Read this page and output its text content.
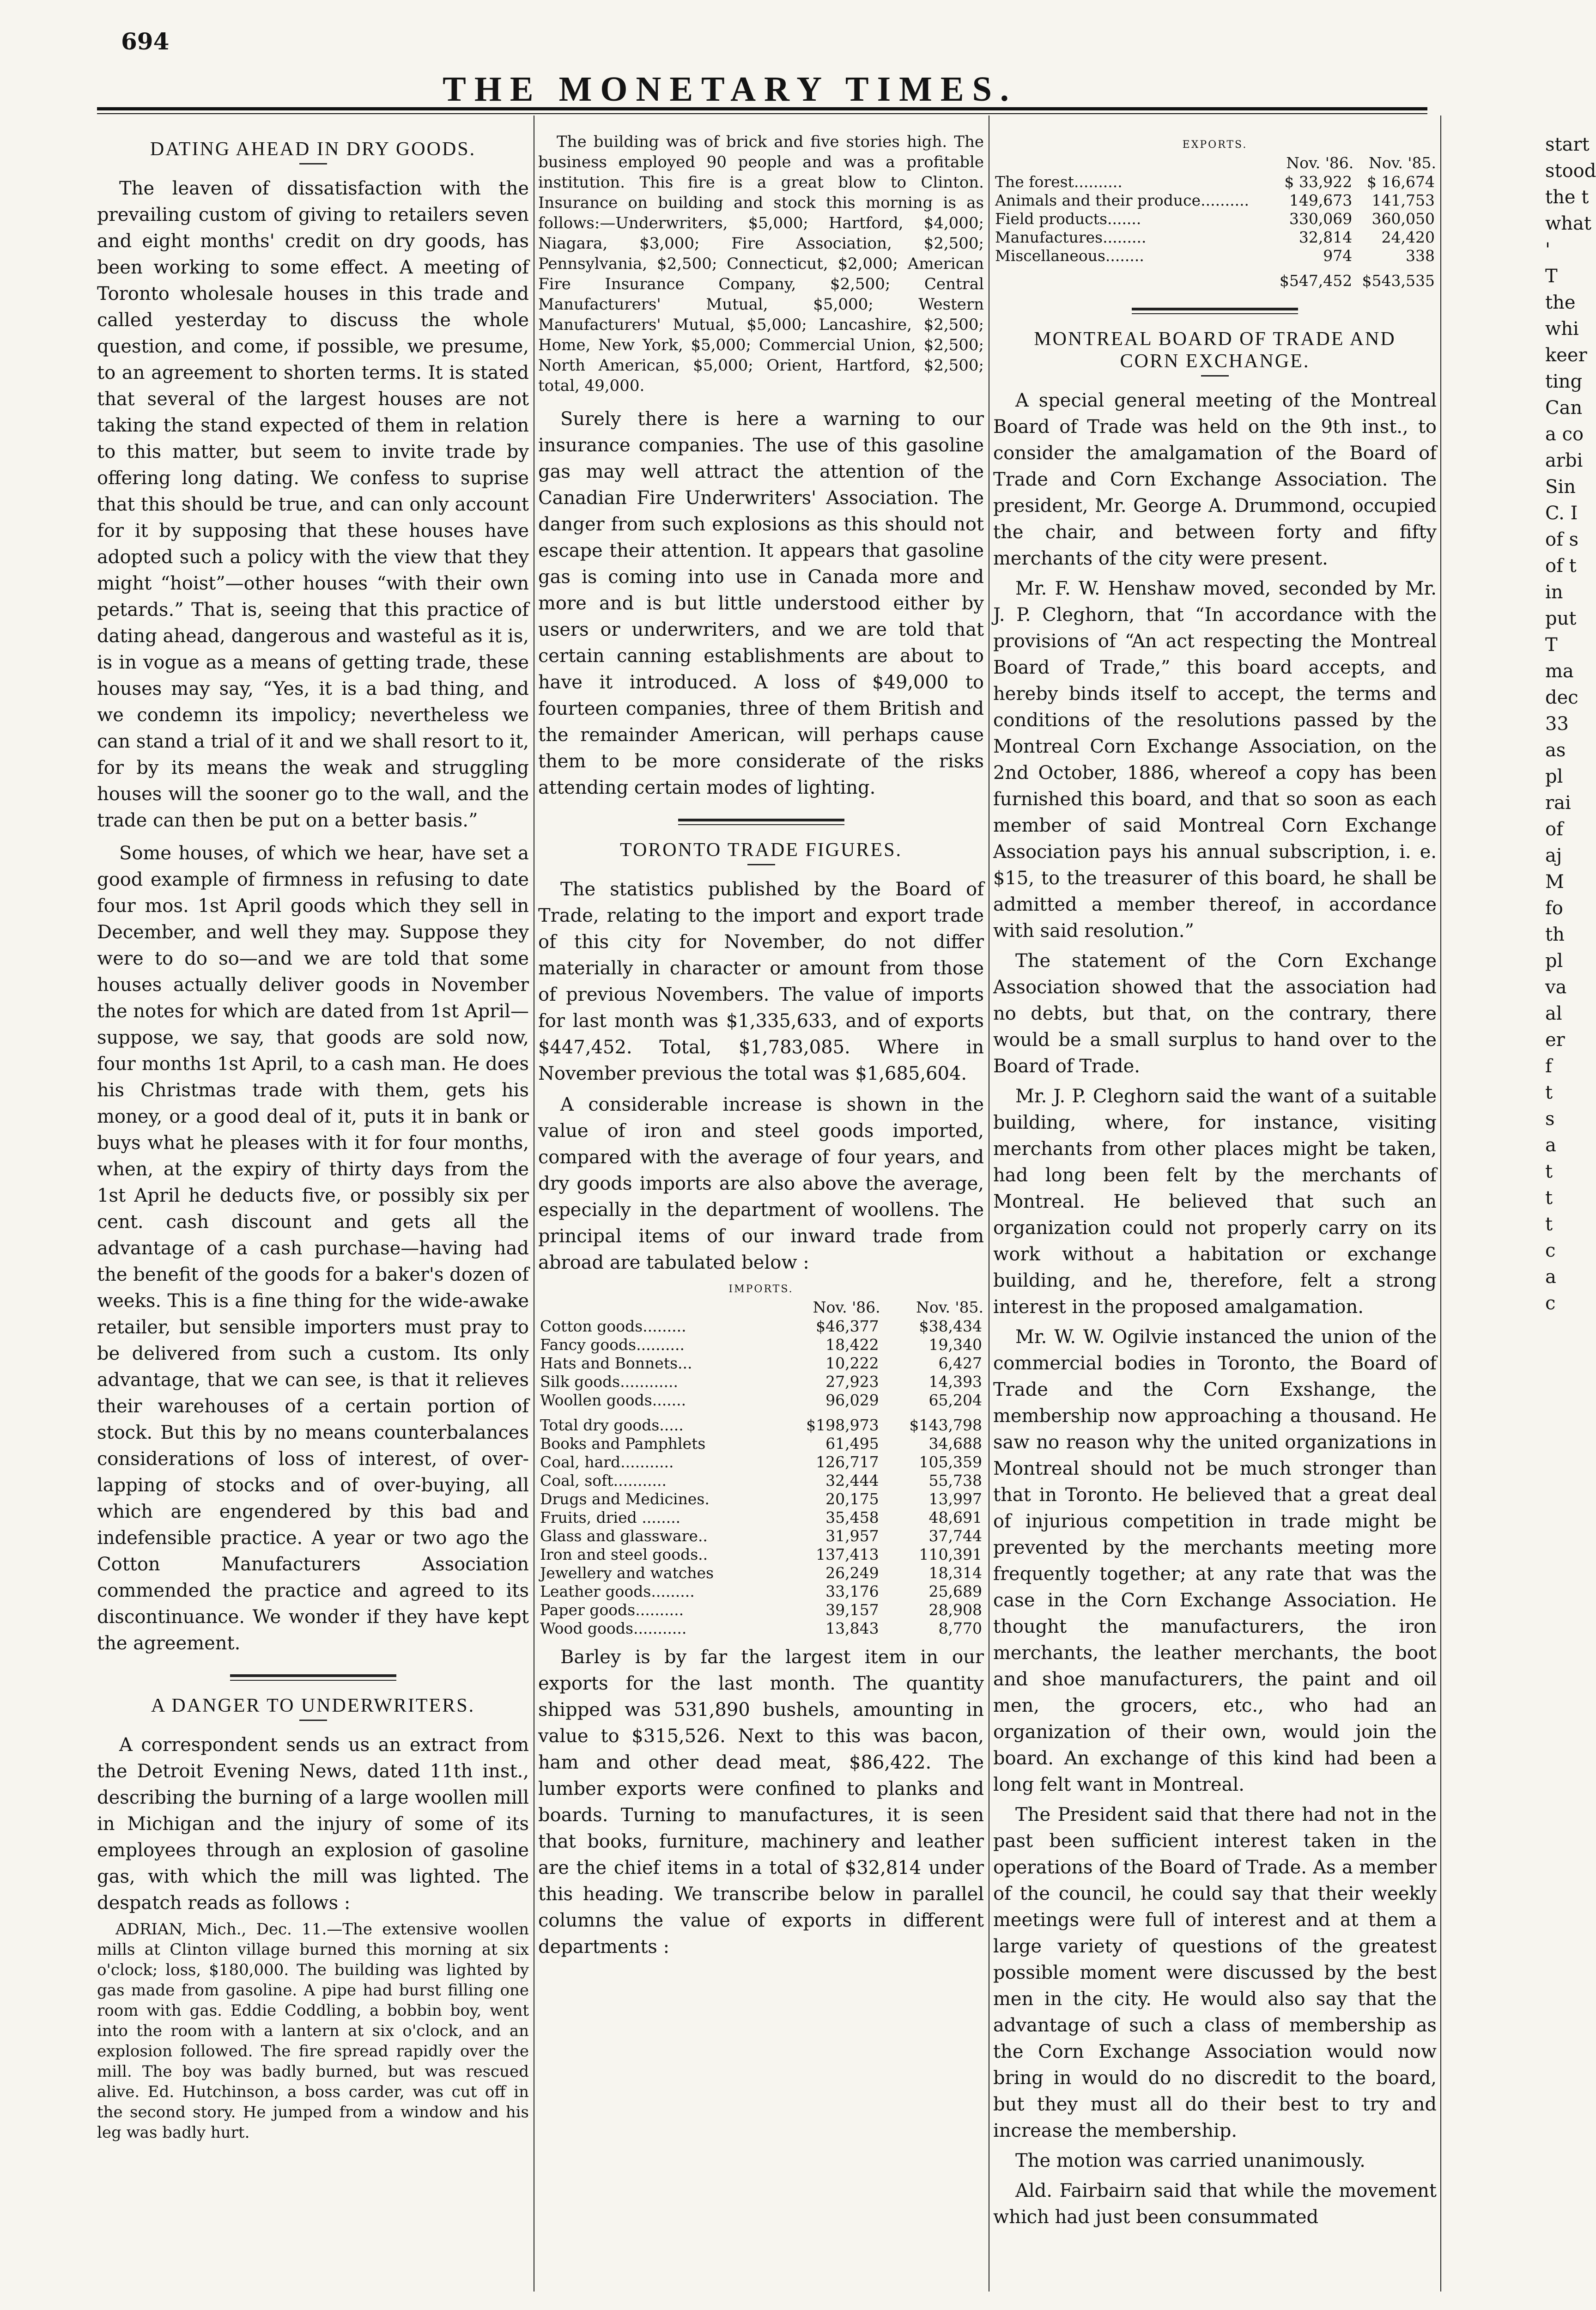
694
THE MONETARY TIMES.
DATING AHEAD IN DRY GOODS.

The leaven of dissatisfaction with the prevailing custom of giving to retailers seven and eight months' credit on dry goods, has been working to some effect. A meeting of Toronto wholesale houses in this trade and called yesterday to discuss the whole question, and come, if possible, we presume, to an agreement to shorten terms. It is stated that several of the largest houses are not taking the stand expected of them in relation to this matter, but seem to invite trade by offering long dating. We confess to suprise that this should be true, and can only account for it by supposing that these houses have adopted such a policy with the view that they might “hoist”—other houses “with their own petards.” That is, seeing that this practice of dating ahead, dangerous and wasteful as it is, is in vogue as a means of getting trade, these houses may say, “Yes, it is a bad thing, and we condemn its impolicy; nevertheless we can stand a trial of it and we shall resort to it, for by its means the weak and struggling houses will the sooner go to the wall, and the trade can then be put on a better basis.”

Some houses, of which we hear, have set a good example of firmness in refusing to date four mos. 1st April goods which they sell in December, and well they may. Suppose they were to do so—and we are told that some houses actually deliver goods in November the notes for which are dated from 1st April—suppose, we say, that goods are sold now, four months 1st April, to a cash man. He does his Christmas trade with them, gets his money, or a good deal of it, puts it in bank or buys what he pleases with it for four months, when, at the expiry of thirty days from the 1st April he deducts five, or possibly six per cent. cash discount and gets all the advantage of a cash purchase—having had the benefit of the goods for a baker's dozen of weeks. This is a fine thing for the wide-awake retailer, but sensible importers must pray to be delivered from such a custom. Its only advantage, that we can see, is that it relieves their warehouses of a certain portion of stock. But this by no means counterbalances considerations of loss of interest, of over-lapping of stocks and of over-buying, all which are engendered by this bad and indefensible practice. A year or two ago the Cotton Manufacturers Association commended the practice and agreed to its discontinuance. We wonder if they have kept the agreement.

A DANGER TO UNDERWRITERS.

A correspondent sends us an extract from the Detroit Evening News, dated 11th inst., describing the burning of a large woollen mill in Michigan and the injury of some of its employees through an explosion of gasoline gas, with which the mill was lighted. The despatch reads as follows :

ADRIAN, Mich., Dec. 11.—The extensive woollen mills at Clinton village burned this morning at six o'clock; loss, $180,000. The building was lighted by gas made from gasoline. A pipe had burst filling one room with gas. Eddie Coddling, a bobbin boy, went into the room with a lantern at six o'clock, and an explosion followed. The fire spread rapidly over the mill. The boy was badly burned, but was rescued alive. Ed. Hutchinson, a boss carder, was cut off in the second story. He jumped from a window and his leg was badly hurt.

The building was of brick and five stories high. The business employed 90 people and was a profitable institution. This fire is a great blow to Clinton. Insurance on building and stock this morning is as follows:—Underwriters, $5,000; Hartford, $4,000; Niagara, $3,000; Fire Association, $2,500; Pennsylvania, $2,500; Connecticut, $2,000; American Fire Insurance Company, $2,500; Central Manufacturers' Mutual, $5,000; Western Manufacturers' Mutual, $5,000; Lancashire, $2,500; Home, New York, $5,000; Commercial Union, $2,500; North American, $5,000; Orient, Hartford, $2,500; total, 49,000.

Surely there is here a warning to our insurance companies. The use of this gasoline gas may well attract the attention of the Canadian Fire Underwriters' Association. The danger from such explosions as this should not escape their attention. It appears that gasoline gas is coming into use in Canada more and more and is but little understood either by users or underwriters, and we are told that certain canning establishments are about to have it introduced. A loss of $49,000 to fourteen companies, three of them British and the remainder American, will perhaps cause them to be more considerate of the risks attending certain modes of lighting.

TORONTO TRADE FIGURES.

The statistics published by the Board of Trade, relating to the import and export trade of this city for November, do not differ materially in character or amount from those of previous Novembers. The value of imports for last month was $1,335,633, and of exports $447,452. Total, $1,783,085. Where in November previous the total was $1,685,604.

A considerable increase is shown in the value of iron and steel goods imported, compared with the average of four years, and dry goods imports are also above the average, especially in the department of woollens. The principal items of our inward trade from abroad are tabulated below :

IMPORTS.
	Nov. '86.	Nov. '85.
Cotton goods.........	$46,377	$38,434
Fancy goods..........	18,422	19,340
Hats and Bonnets...	10,222	6,427
Silk goods............	27,923	14,393
Woollen goods.......	96,029	65,204
Total dry goods.....	$198,973	$143,798
Books and Pamphlets	61,495	34,688
Coal, hard...........	126,717	105,359
Coal, soft...........	32,444	55,738
Drugs and Medicines.	20,175	13,997
Fruits, dried ........	35,458	48,691
Glass and glassware..	31,957	37,744
Iron and steel goods..	137,413	110,391
Jewellery and watches	26,249	18,314
Leather goods.........	33,176	25,689
Paper goods..........	39,157	28,908
Wood goods...........	13,843	8,770

Barley is by far the largest item in our exports for the last month. The quantity shipped was 531,890 bushels, amounting in value to $315,526. Next to this was bacon, ham and other dead meat, $86,422. The lumber exports were confined to planks and boards. Turning to manufactures, it is seen that books, furniture, machinery and leather are the chief items in a total of $32,814 under this heading. We transcribe below in parallel columns the value of exports in different departments :

EXPORTS.
	Nov. '86.	Nov. '85.
The forest..........	$ 33,922	$ 16,674
Animals and their produce..........	149,673	141,753
Field products.......	330,069	360,050
Manufactures.........	32,814	24,420
Miscellaneous........	974	338
	$547,452	$543,535
MONTREAL BOARD OF TRADE AND
CORN EXCHANGE.

A special general meeting of the Montreal Board of Trade was held on the 9th inst., to consider the amalgamation of the Board of Trade and Corn Exchange Association. The president, Mr. George A. Drummond, occupied the chair, and between forty and fifty merchants of the city were present.

Mr. F. W. Henshaw moved, seconded by Mr. J. P. Cleghorn, that “In accordance with the provisions of “An act respecting the Montreal Board of Trade,” this board accepts, and hereby binds itself to accept, the terms and conditions of the resolutions passed by the Montreal Corn Exchange Association, on the 2nd October, 1886, whereof a copy has been furnished this board, and that so soon as each member of said Montreal Corn Exchange Association pays his annual subscription, i. e. $15, to the treasurer of this board, he shall be admitted a member thereof, in accordance with said resolution.”

The statement of the Corn Exchange Association showed that the association had no debts, but that, on the contrary, there would be a small surplus to hand over to the Board of Trade.

Mr. J. P. Cleghorn said the want of a suitable building, where, for instance, visiting merchants from other places might be taken, had long been felt by the merchants of Montreal. He believed that such an organization could not properly carry on its work without a habitation or exchange building, and he, therefore, felt a strong interest in the proposed amalgamation.

Mr. W. W. Ogilvie instanced the union of the commercial bodies in Toronto, the Board of Trade and the Corn Exshange, the membership now approaching a thousand. He saw no reason why the united organizations in Montreal should not be much stronger than that in Toronto. He believed that a great deal of injurious competition in trade might be prevented by the merchants meeting more frequently together; at any rate that was the case in the Corn Exchange Association. He thought the manufacturers, the iron merchants, the leather merchants, the boot and shoe manufacturers, the paint and oil men, the grocers, etc., who had an organization of their own, would join the board. An exchange of this kind had been a long felt want in Montreal.

The President said that there had not in the past been sufficient interest taken in the operations of the Board of Trade. As a member of the council, he could say that their weekly meetings were full of interest and at them a large variety of questions of the greatest possible moment were discussed by the best men in the city. He would also say that the advantage of such a class of membership as the Corn Exchange Association would now bring in would do no discredit to the board, but they must all do their best to try and increase the membership.

The motion was carried unanimously.

Ald. Fairbairn said that while the movement which had just been consummated

start
stood
the t
what
'
T
the
whi
keer
ting
Can
a co
arbi
Sin
C. I
of s
of t
in
put
T
ma
dec
33
as
pl
rai
of
aj
M
fo
th
pl
va
al
er
f
t
s
a
t
t
t
c
a
c
